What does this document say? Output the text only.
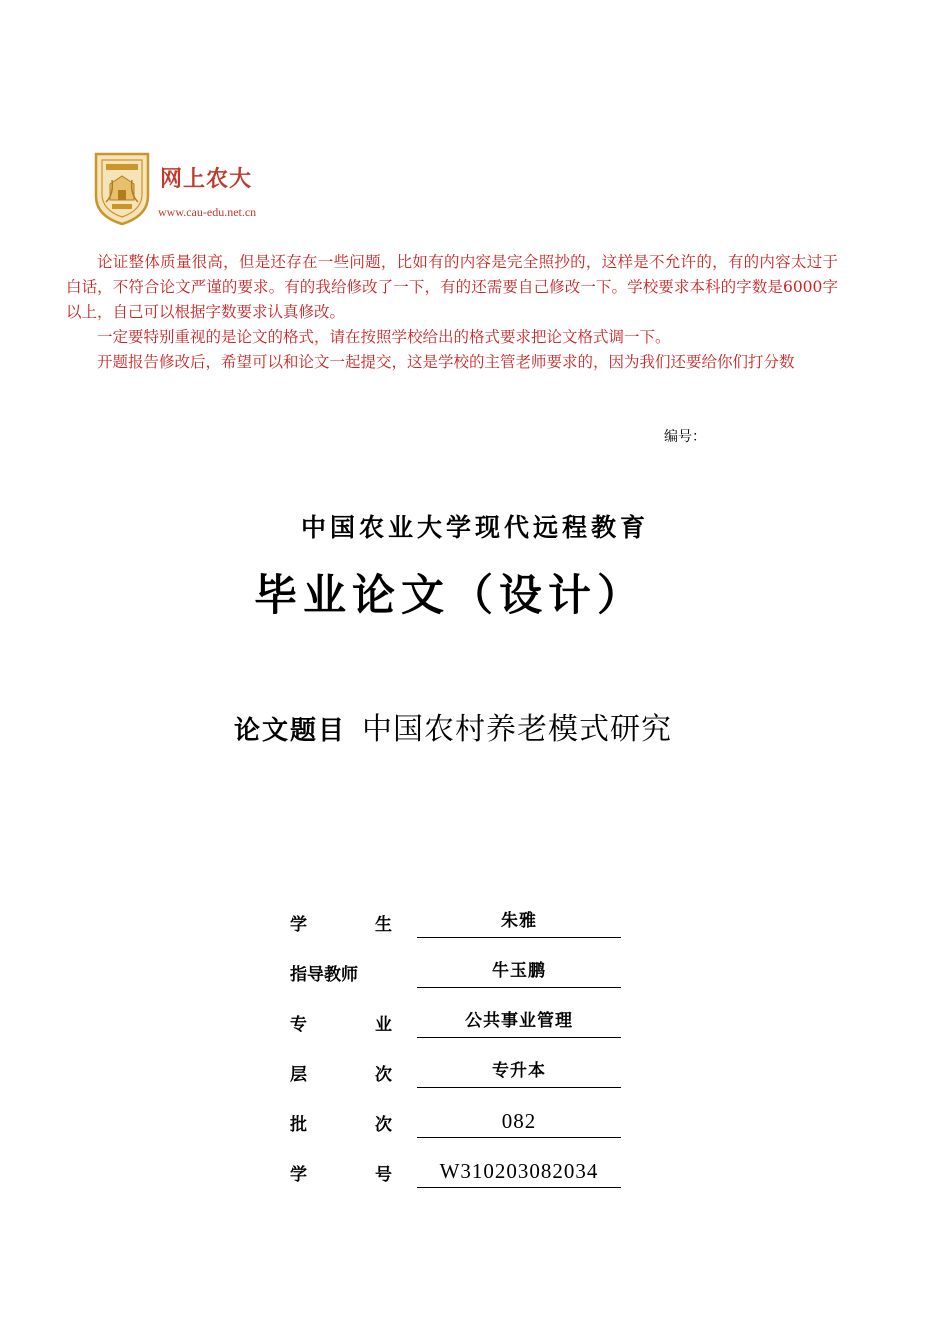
网上农大
www.cau-edu.net.cn

论证整体质量很高，但是还存在一些问题，比如有的内容是完全照抄的，这样是不允许的，有的内容太过于白话，不符合论文严谨的要求。有的我给修改了一下，有的还需要自己修改一下。学校要求本科的字数是6000字以上，自己可以根据字数要求认真修改。

一定要特别重视的是论文的格式，请在按照学校给出的格式要求把论文格式调一下。

开题报告修改后，希望可以和论文一起提交，这是学校的主管老师要求的，因为我们还要给你们打分数

编号：
中国农业大学现代远程教育
毕业论文（设计）
论文题目 中国农村养老模式研究
学	生	朱雅
指导教师	牛玉鹏
专	业	公共事业管理
层	次	专升本
批	次	082
学	号	W310203082034
